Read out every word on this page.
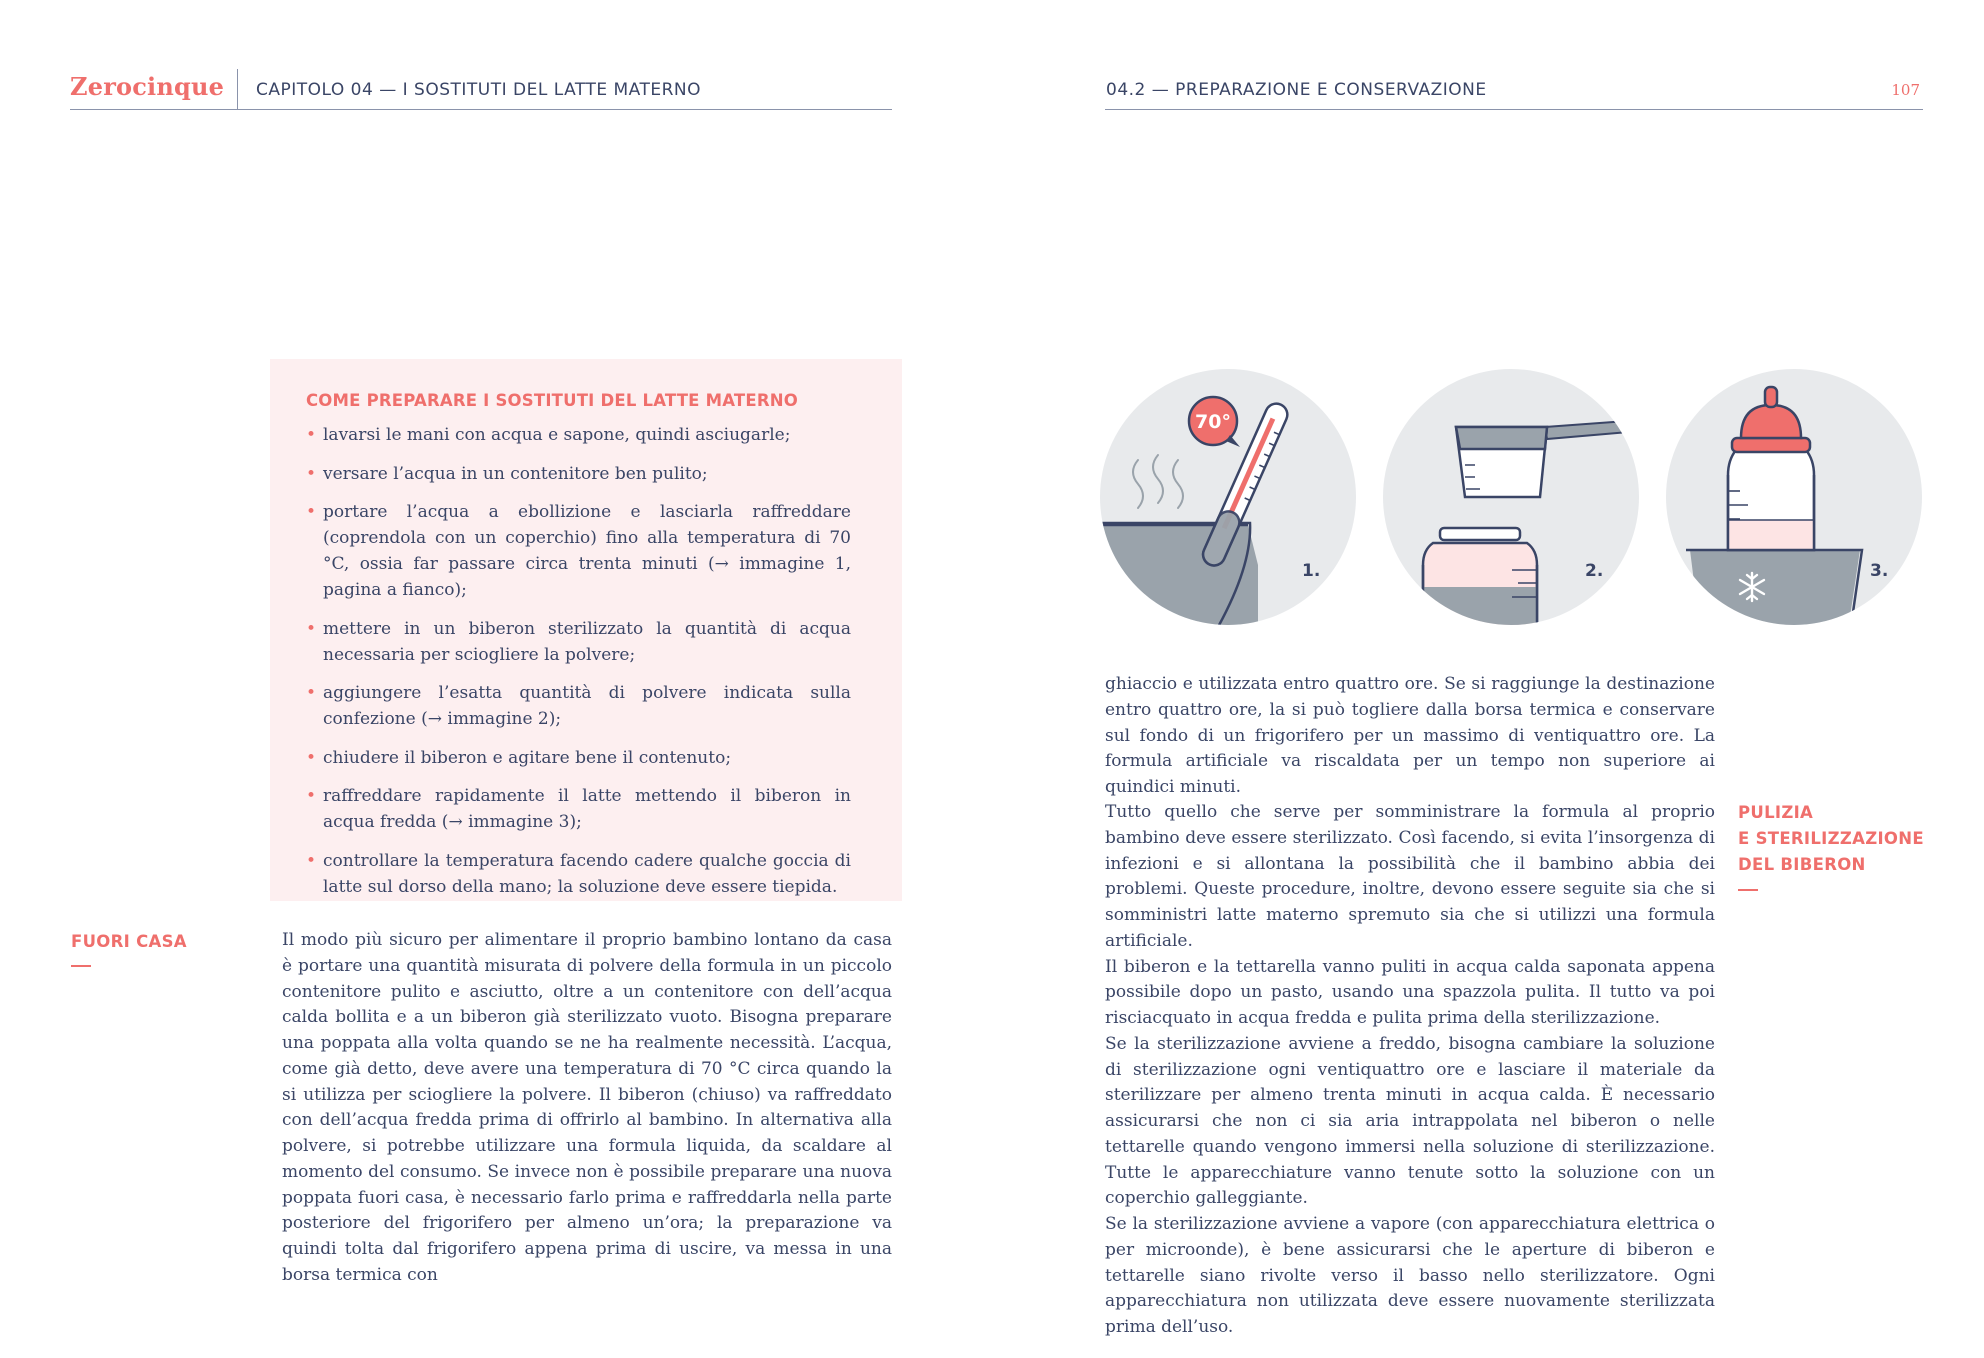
Zerocinque CAPITOLO 04 — I SOSTITUTI DEL LATTE MATERNO	04.2 — PREPARAZIONE E CONSERVAZIONE	107
COME PREPARARE I SOSTITUTI DEL LATTE MATERNO
• lavarsi le mani con acqua e sapone, quindi asciugarle;
• versare l’acqua in un contenitore ben pulito;
• portare l’acqua a ebollizione e lasciarla raffreddare (coprendola con un coperchio) fino alla temperatura di 70 °C, ossia far passare circa trenta minuti (→ immagine 1, pagina a fianco);
• mettere in un biberon sterilizzato la quantità di acqua necessaria per sciogliere la polvere;
• aggiungere l’esatta quantità di polvere indicata sulla confezione (→ immagine 2);
• chiudere il biberon e agitare bene il contenuto;
• raffreddare rapidamente il latte mettendo il biberon in acqua fredda (→ immagine 3);
• controllare la temperatura facendo cadere qualche goccia di latte sul dorso della mano; la soluzione deve essere tiepida.
FUORI CASA	Il modo più sicuro per alimentare il proprio bambino lontano da casa è portare una quantità misurata di polvere della formula in un piccolo contenitore pulito e asciutto, oltre a un contenitore con dell’acqua calda bollita e a un biberon già sterilizzato vuoto. Bisogna preparare una poppata alla volta quando se ne ha realmente necessità. L’acqua, come già detto, deve avere una temperatura di 70 °C circa quando la si utilizza per sciogliere la polvere. Il biberon (chiuso) va raffreddato con dell’acqua fredda prima di offrirlo al bambino. In alternativa alla polvere, si potrebbe utilizzare una formula liquida, da scaldare al momento del consumo. Se invece non è possibile preparare una nuova poppata fuori casa, è necessario farlo prima e raffreddarla nella parte posteriore del frigorifero per almeno un’ora; la preparazione va quindi tolta dal frigorifero appena prima di uscire, va messa in una borsa termica con

70°
1.	2.	3.

ghiaccio e utilizzata entro quattro ore. Se si raggiunge la destinazione entro quattro ore, la si può togliere dalla borsa termica e conservare sul fondo di un frigorifero per un massimo di ventiquattro ore. La formula artificiale va riscaldata per un tempo non superiore ai quindici minuti.

PULIZIA
E STERILIZZAZIONE
DEL BIBERON

Tutto quello che serve per somministrare la formula al proprio bambino deve essere sterilizzato. Così facendo, si evita l’insorgenza di infezioni e si allontana la possibilità che il bambino abbia dei problemi. Queste procedure, inoltre, devono essere seguite sia che si somministri latte materno spremuto sia che si utilizzi una formula artificiale.

Il biberon e la tettarella vanno puliti in acqua calda saponata appena possibile dopo un pasto, usando una spazzola pulita. Il tutto va poi risciacquato in acqua fredda e pulita prima della sterilizzazione.

Se la sterilizzazione avviene a freddo, bisogna cambiare la soluzione di sterilizzazione ogni ventiquattro ore e lasciare il materiale da sterilizzare per almeno trenta minuti in acqua calda. È necessario assicurarsi che non ci sia aria intrappolata nel biberon o nelle tettarelle quando vengono immersi nella soluzione di sterilizzazione. Tutte le apparecchiature vanno tenute sotto la soluzione con un coperchio galleggiante.

Se la sterilizzazione avviene a vapore (con apparecchiatura elettrica o per microonde), è bene assicurarsi che le aperture di biberon e tettarelle siano rivolte verso il basso nello sterilizzatore. Ogni apparecchiatura non utilizzata deve essere nuovamente sterilizzata prima dell’uso.
